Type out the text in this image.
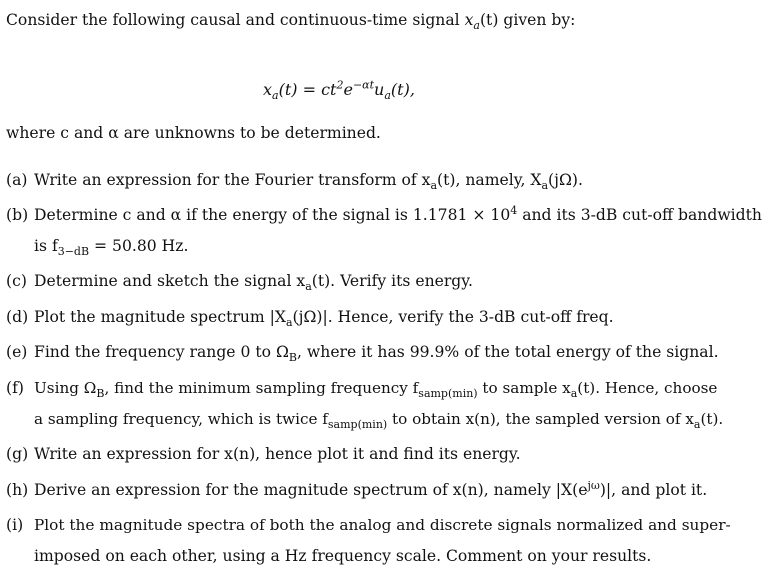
Consider the following causal and continuous-time signal $x_a(t)$ given by:
$x_a(t) = ct^2e^{-\alpha t}u_a(t)$,
where c and α are unknowns to be determined.
(a) Write an expression for the Fourier transform of $x_a(t)$, namely, $X_a(j\Omega)$.
(b) Determine c and α if the energy of the signal is $1.1781 \times 10^4$ and its 3-dB cut-off bandwidth
is $f_{3-dB} = 50.80$ Hz.
(c) Determine and sketch the signal $x_a(t)$. Verify its energy.
(d) Plot the magnitude spectrum $|X_a(j\Omega)|$. Hence, verify the 3-dB cut-off freq.
(e) Find the frequency range 0 to $\Omega_B$, where it has 99.9% of the total energy of the signal.
(f) Using $\Omega_B$, find the minimum sampling frequency $f_{samp(min)}$ to sample $x_a(t)$. Hence, choose
a sampling frequency, which is twice $f_{samp(min)}$ to obtain x(n), the sampled version of $x_a(t)$.
(g) Write an expression for x(n), hence plot it and find its energy.
(h) Derive an expression for the magnitude spectrum of x(n), namely $|X(e^{j\omega})|$, and plot it.
(i) Plot the magnitude spectra of both the analog and discrete signals normalized and super-
imposed on each other, using a Hz frequency scale. Comment on your results.
